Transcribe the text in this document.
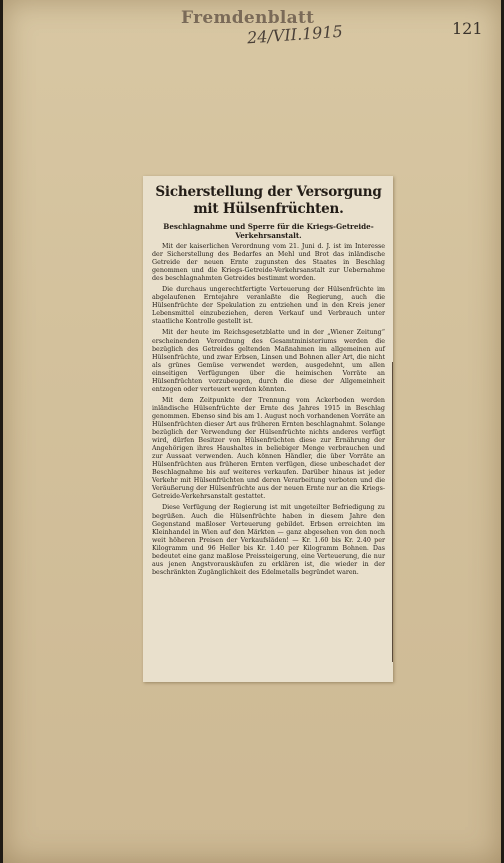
Fremdenblatt
24/VII.1915	121
Sicherstellung der Versorgung mit Hülsenfrüchten.
Beschlagnahme und Sperre für die Kriegs-Getreide-Verkehrsanstalt.

Mit der kaiserlichen Verordnung vom 21. Juni d. J. ist im Interesse der Sicherstellung des Bedarfes an Mehl und Brot das inländische Getreide der neuen Ernte zugunsten des Staates in Beschlag genommen und die Kriegs-Getreide-Verkehrsanstalt zur Uebernahme des beschlagnahmten Getreides bestimmt worden.

Die durchaus ungerechtfertigte Verteuerung der Hülsenfrüchte im abgelaufenen Erntejahre veranlaßte die Regierung, auch die Hülsenfrüchte der Spekulation zu entziehen und in den Kreis jener Lebensmittel einzubeziehen, deren Verkauf und Verbrauch unter staatliche Kontrolle gestellt ist.

Mit der heute im Reichsgesetzblatte und in der „Wiener Zeitung“ erscheinenden Verordnung des Gesamtministeriums werden die bezüglich des Getreides geltenden Maßnahmen im allgemeinen auf Hülsenfrüchte, und zwar Erbsen, Linsen und Bohnen aller Art, die nicht als grünes Gemüse verwendet werden, ausgedehnt, um allen einseitigen Verfügungen über die heimischen Vorräte an Hülsenfrüchten vorzubeugen, durch die diese der Allgemeinheit entzogen oder verteuert werden könnten.

Mit dem Zeitpunkte der Trennung vom Ackerboden werden inländische Hülsenfrüchte der Ernte des Jahres 1915 in Beschlag genommen. Ebenso sind bis am 1. August noch vorhandenen Vorräte an Hülsenfrüchten dieser Art aus früheren Ernten beschlagnahmt. Solange bezüglich der Verwendung der Hülsenfrüchte nichts anderes verfügt wird, dürfen Besitzer von Hülsenfrüchten diese zur Ernährung der Angehörigen ihres Haushaltes in beliebiger Menge verbrauchen und zur Aussaat verwenden. Auch können Händler, die über Vorräte an Hülsenfrüchten aus früheren Ernten verfügen, diese unbeschadet der Beschlagnahme bis auf weiteres verkaufen. Darüber hinaus ist jeder Verkehr mit Hülsenfrüchten und deren Verarbeitung verboten und die Veräußerung der Hülsenfrüchte aus der neuen Ernte nur an die Kriegs-Getreide-Verkehrsanstalt gestattet.

Diese Verfügung der Regierung ist mit ungeteilter Befriedigung zu begrüßen. Auch die Hülsenfrüchte haben in diesem Jahre den Gegenstand maßloser Verteuerung gebildet. Erbsen erreichten im Kleinhandel in Wien auf den Märkten — ganz abgesehen von den noch weit höheren Preisen der Verkaufsläden! — Kr. 1.60 bis Kr. 2.40 per Kilogramm und 96 Heller bis Kr. 1.40 per Kilogramm Bohnen. Das bedeutet eine ganz maßlose Preissteigerung, eine Verteuerung, die nur aus jenen Angstvorauskäufen zu erklären ist, die wieder in der beschränkten Zugänglichkeit des Edelmetalls begründet waren.
